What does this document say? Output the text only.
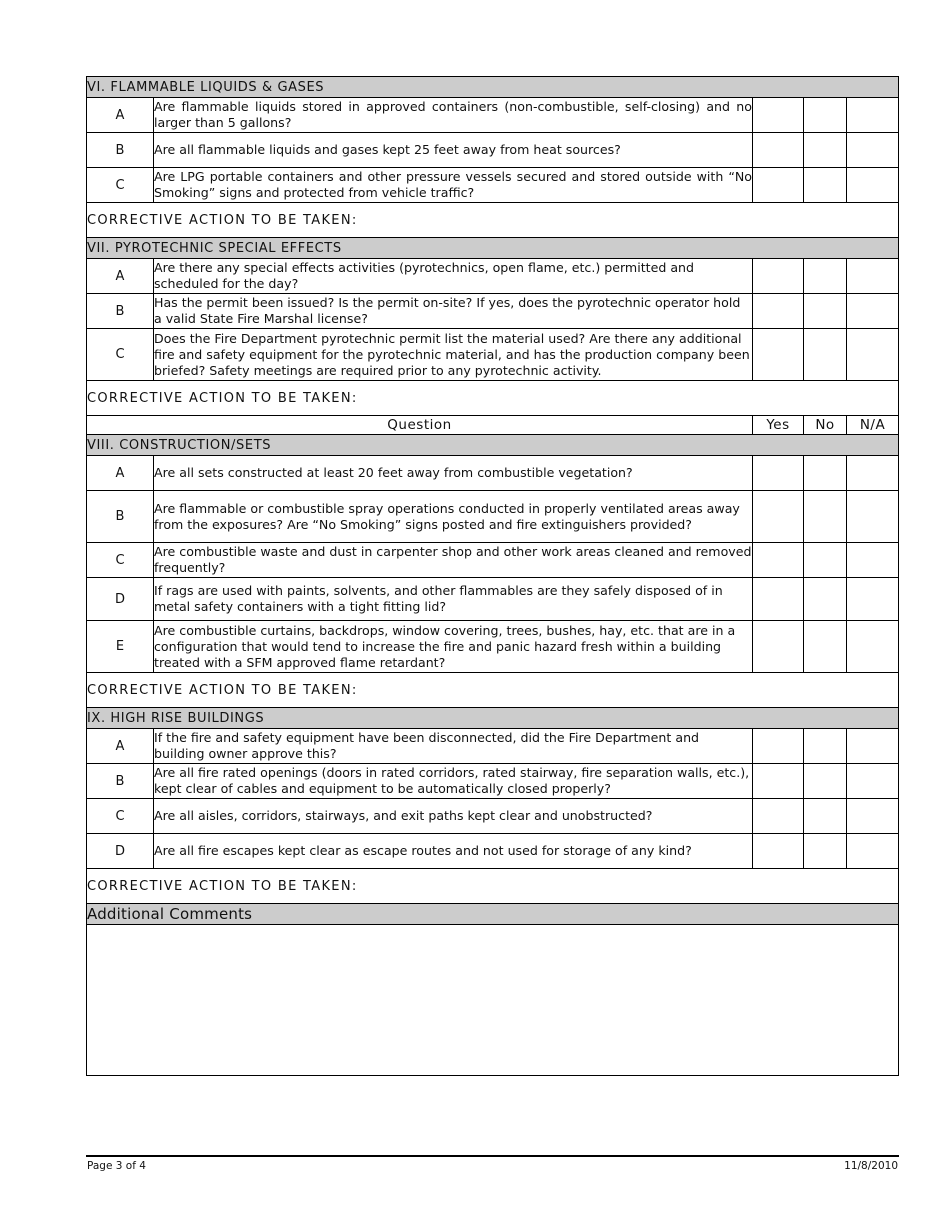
VI. FLAMMABLE LIQUIDS & GASES				
A	Are flammable liquids stored in approved containers (non-combustible, self-closing) and no larger than 5 gallons?			
B	Are all flammable liquids and gases kept 25 feet away from heat sources?			
C	Are LPG portable containers and other pressure vessels secured and stored outside with “No Smoking” signs and protected from vehicle traffic?			
CORRECTIVE ACTION TO BE TAKEN:				
VII. PYROTECHNIC SPECIAL EFFECTS				
A	Are there any special effects activities (pyrotechnics, open flame, etc.) permitted and scheduled for the day?			
B	Has the permit been issued? Is the permit on-site? If yes, does the pyrotechnic operator hold a valid State Fire Marshal license?	

C	Does the Fire Department pyrotechnic permit list the material used? Are there any additional fire and safety equipment for the pyrotechnic material, and has the production company been briefed? Safety meetings are required prior to any pyrotechnic activity.	

CORRECTIVE ACTION TO BE TAKEN:				
Question		Yes	No	N/A
VIII. CONSTRUCTION/SETS				
A	Are all sets constructed at least 20 feet away from combustible vegetation?			
B	Are flammable or combustible spray operations conducted in properly ventilated areas away from the exposures? Are “No Smoking” signs posted and fire extinguishers provided?	

C	Are combustible waste and dust in carpenter shop and other work areas cleaned and removed frequently?			
D	If rags are used with paints, solvents, and other flammables are they safely disposed of in metal safety containers with a tight fitting lid?			
E	Are combustible curtains, backdrops, window covering, trees, bushes, hay, etc. that are in a configuration that would tend to increase the fire and panic hazard fresh within a building treated with a SFM approved flame retardant?			
CORRECTIVE ACTION TO BE TAKEN:				
IX. HIGH RISE BUILDINGS				
A	If the fire and safety equipment have been disconnected, did the Fire Department and building owner approve this?			
B	Are all fire rated openings (doors in rated corridors, rated stairway, fire separation walls, etc.), kept clear of cables and equipment to be automatically closed properly?			
C	Are all aisles, corridors, stairways, and exit paths kept clear and unobstructed?			
D	Are all fire escapes kept clear as escape routes and not used for storage of any kind?			
CORRECTIVE ACTION TO BE TAKEN:				
Additional Comments				

Page 3 of 4	11/8/2010
